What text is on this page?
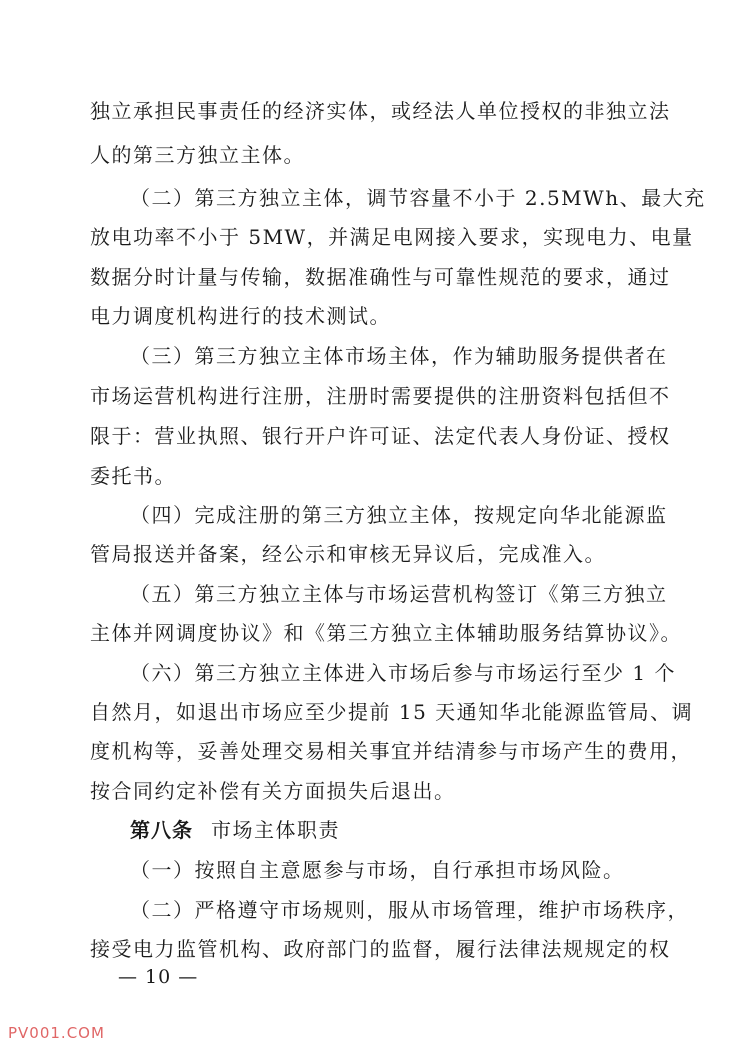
独立承担民事责任的经济实体，或经法人单位授权的非独立法
人的第三方独立主体。
（二）第三方独立主体，调节容量不小于 2.5MWh、最大充
放电功率不小于 5MW，并满足电网接入要求，实现电力、电量
数据分时计量与传输，数据准确性与可靠性规范的要求，通过
电力调度机构进行的技术测试。
（三）第三方独立主体市场主体，作为辅助服务提供者在
市场运营机构进行注册，注册时需要提供的注册资料包括但不
限于：营业执照、银行开户许可证、法定代表人身份证、授权
委托书。
（四）完成注册的第三方独立主体，按规定向华北能源监
管局报送并备案，经公示和审核无异议后，完成准入。
（五）第三方独立主体与市场运营机构签订《第三方独立
主体并网调度协议》和《第三方独立主体辅助服务结算协议》。
（六）第三方独立主体进入市场后参与市场运行至少 1 个
自然月，如退出市场应至少提前 15 天通知华北能源监管局、调
度机构等，妥善处理交易相关事宜并结清参与市场产生的费用，
按合同约定补偿有关方面损失后退出。
第八条 市场主体职责
（一）按照自主意愿参与市场，自行承担市场风险。
（二）严格遵守市场规则，服从市场管理，维护市场秩序，
接受电力监管机构、政府部门的监督，履行法律法规规定的权
— 10 —
PV001.COM
